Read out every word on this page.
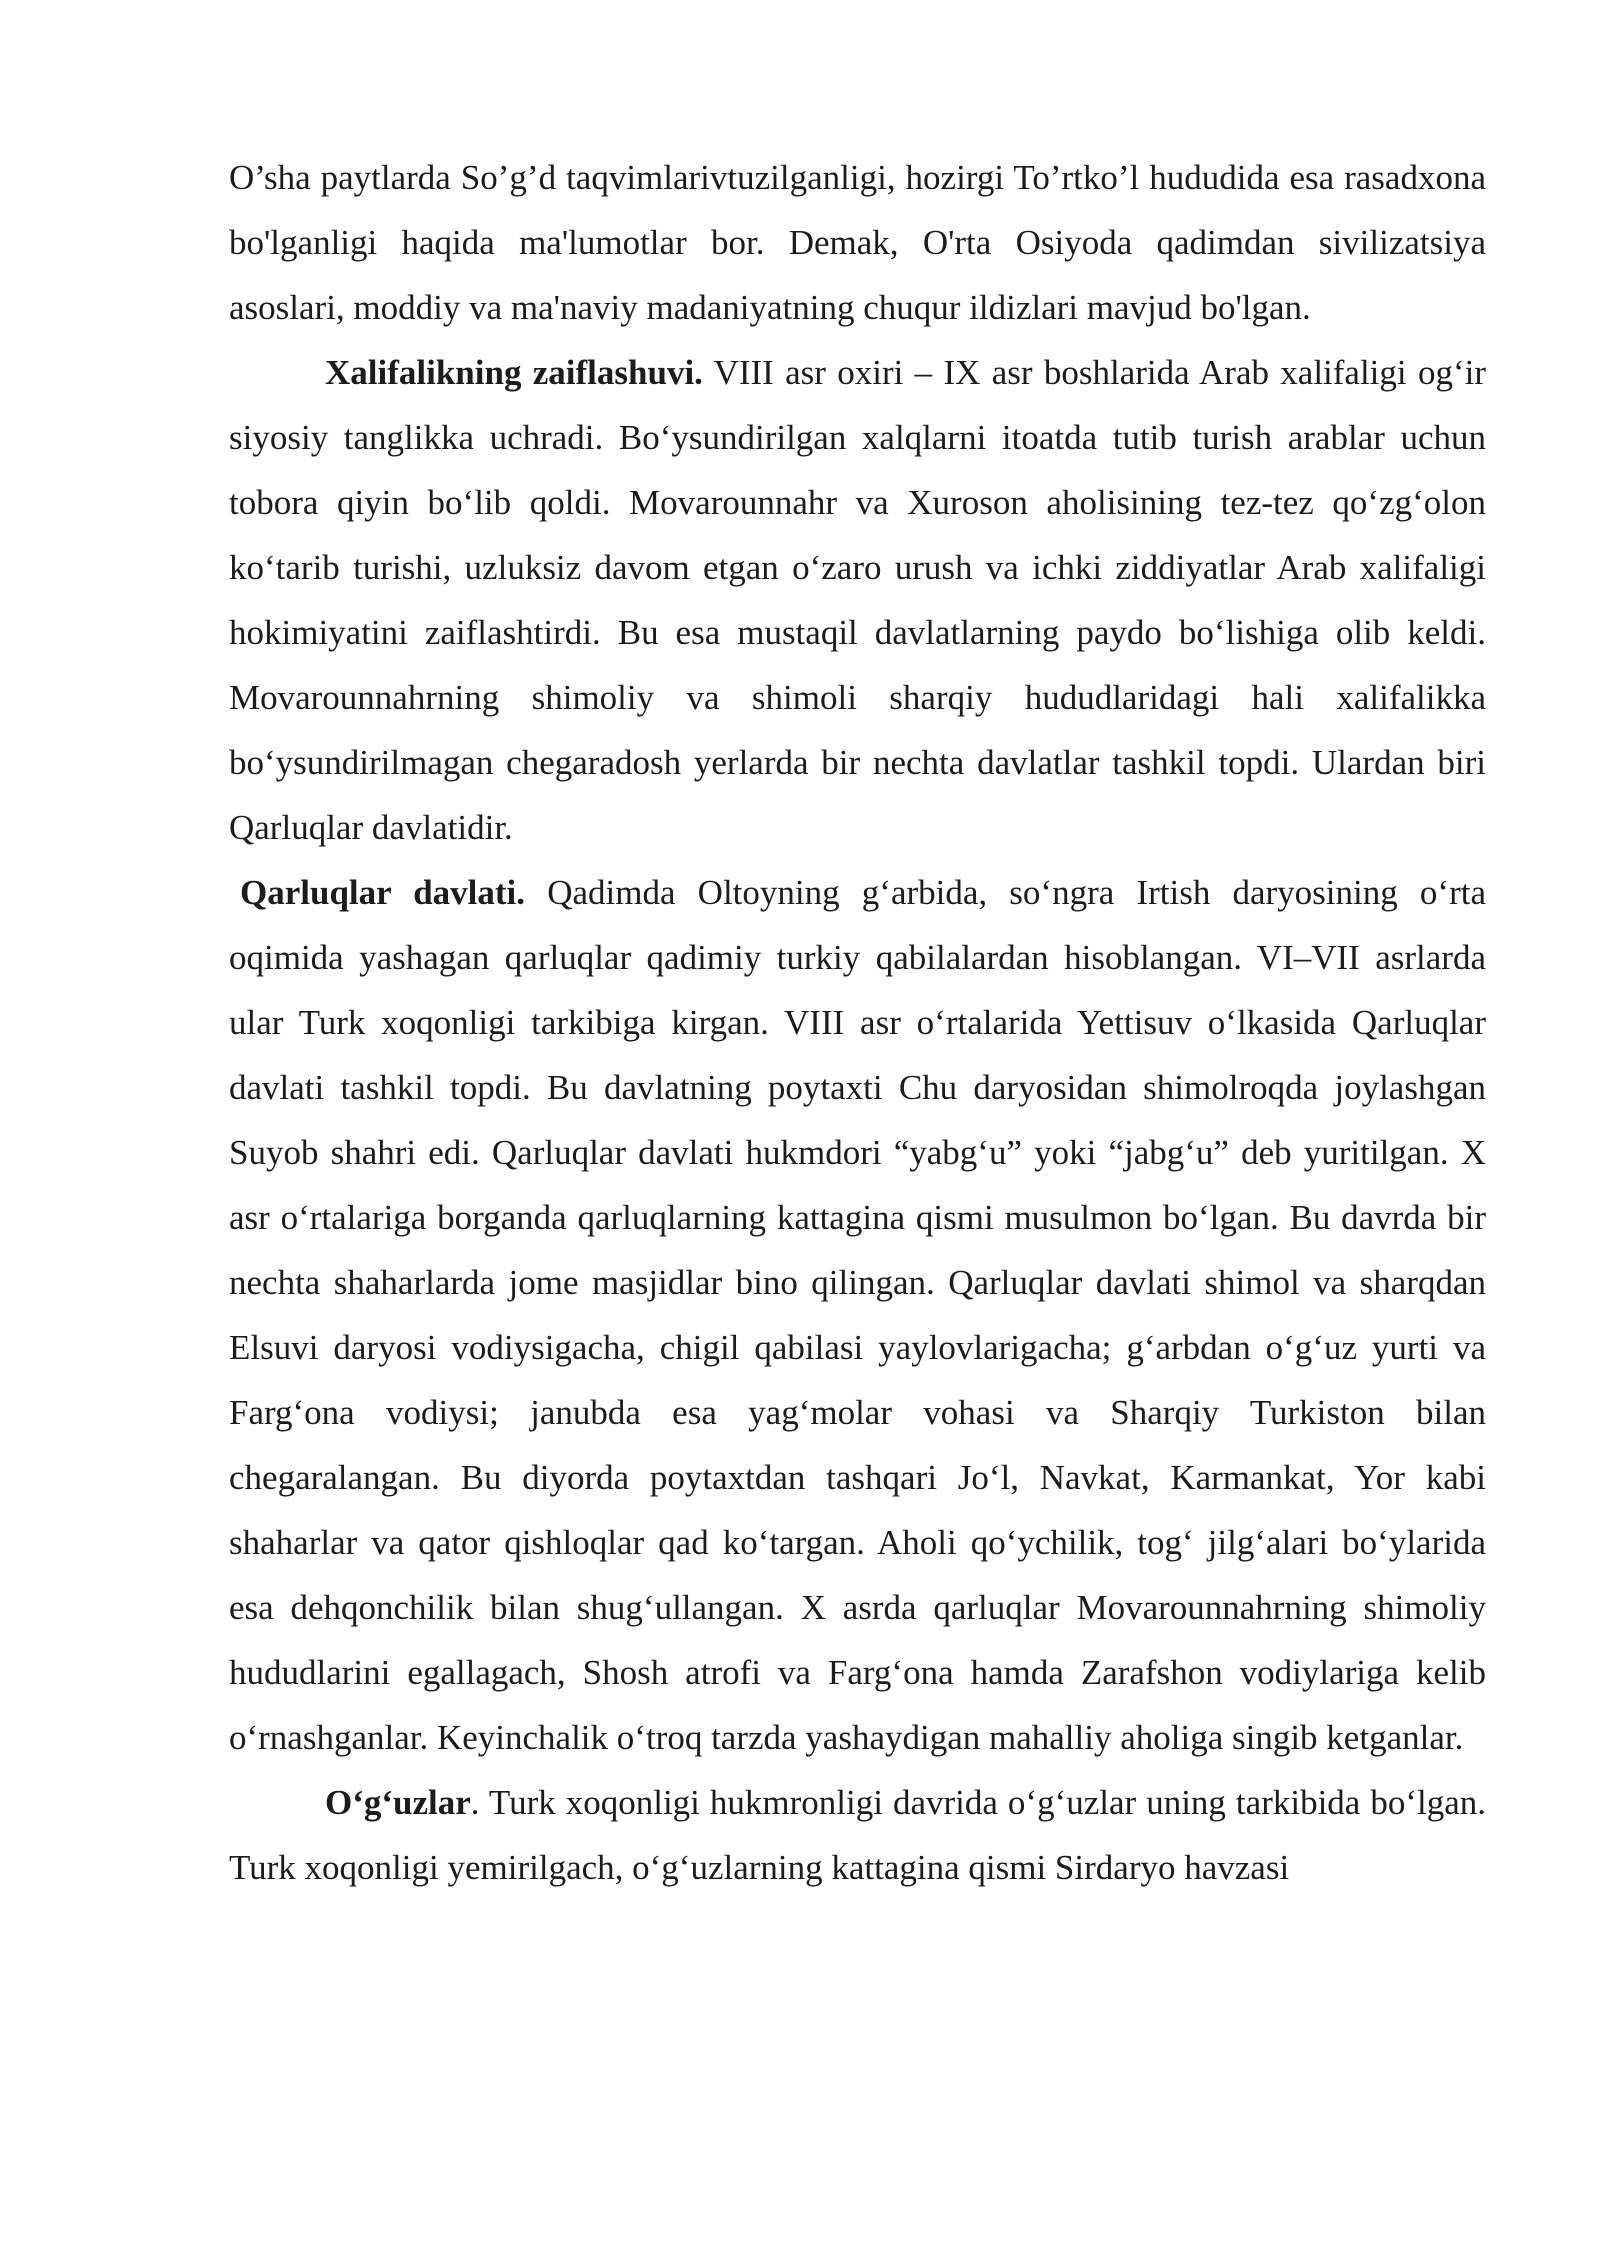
O’sha paytlarda So’g’d taqvimlarivtuzilganligi, hozirgi To’rtko’l hududida esa rasadxona bo'lganligi haqida ma'lumotlar bor. Demak, O'rta Osiyoda qadimdan sivilizatsiya asoslari, moddiy va ma'naviy madaniyatning chuqur ildizlari mavjud bo'lgan.

Xalifalikning zaiflashuvi. VIII asr oxiri – IX asr boshlarida Arab xalifaligi ogʻir siyosiy tanglikka uchradi. Boʻysundirilgan xalqlarni itoatda tutib turish arablar uchun tobora qiyin boʻlib qoldi. Movarounnahr va Xuroson aholisining tez-tez qoʻzgʻolon koʻtarib turishi, uzluksiz davom etgan oʻzaro urush va ichki ziddiyatlar Arab xalifaligi hokimiyatini zaiflashtirdi. Bu esa mustaqil davlatlarning paydo boʻlishiga olib keldi. Movarounnahrning shimoliy va shimoli sharqiy hududlaridagi hali xalifalikka boʻysundirilmagan chegaradosh yerlarda bir nechta davlatlar tashkil topdi. Ulardan biri Qarluqlar davlatidir.

Qarluqlar davlati. Qadimda Oltoyning gʻarbida, soʻngra Irtish daryosining oʻrta oqimida yashagan qarluqlar qadimiy turkiy qabilalardan hisoblangan. VI–VII asrlarda ular Turk xoqonligi tarkibiga kirgan. VIII asr oʻrtalarida Yettisuv oʻlkasida Qarluqlar davlati tashkil topdi. Bu davlatning poytaxti Chu daryosidan shimolroqda joylashgan Suyob shahri edi. Qarluqlar davlati hukmdori “yabgʻu” yoki “jabgʻu” deb yuritilgan. X asr oʻrtalariga borganda qarluqlarning kattagina qismi musulmon boʻlgan. Bu davrda bir nechta shaharlarda jome masjidlar bino qilingan. Qarluqlar davlati shimol va sharqdan Elsuvi daryosi vodiysigacha, chigil qabilasi yaylovlarigacha; gʻarbdan oʻgʻuz yurti va Fargʻona vodiysi; janubda esa yagʻmolar vohasi va Sharqiy Turkiston bilan chegaralangan. Bu diyorda poytaxtdan tashqari Joʻl, Navkat, Karmankat, Yor kabi shaharlar va qator qishloqlar qad koʻtargan. Aholi qoʻychilik, togʻ jilgʻalari boʻylarida esa dehqonchilik bilan shugʻullangan. X asrda qarluqlar Movarounnahrning shimoliy hududlarini egallagach, Shosh atrofi va Fargʻona hamda Zarafshon vodiylariga kelib oʻrnashganlar. Keyinchalik oʻtroq tarzda yashaydigan mahalliy aholiga singib ketganlar.

Oʻgʻuzlar. Turk xoqonligi hukmronligi davrida oʻgʻuzlar uning tarkibida boʻlgan. Turk xoqonligi yemirilgach, oʻgʻuzlarning kattagina qismi Sirdaryo havzasi
